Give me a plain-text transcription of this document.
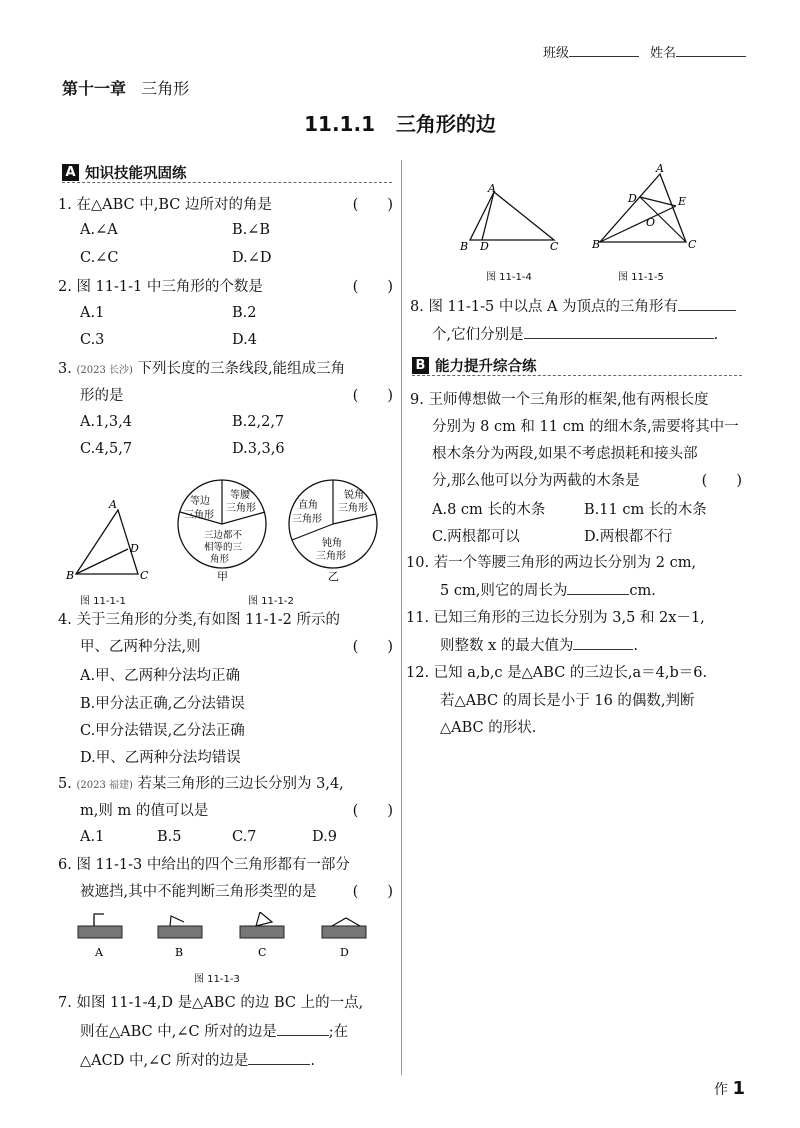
班级	姓名
第十一章 三角形
11.1.1 三角形的边
A 知识技能巩固练
1. 在△ABC 中,BC 边所对的角是	(　　)
A.∠A	B.∠B
C.∠C	D.∠D
2. 图 11-1-1 中三角形的个数是	(　　)
A.1	B.2
C.3	D.4
3. (2023 长沙) 下列长度的三条线段,能组成三角
形的是	(　　)
A.1,3,4	B.2,2,7
C.4,5,7	D.3,3,6
A
B	C
D
图 11-1-1
等边三角形
等腰三角形
三边都不相等的三角形
甲
直角三角形
锐角三角形
钝角三角形
乙
图 11-1-2
4. 关于三角形的分类,有如图 11-1-2 所示的
甲、乙两种分法,则	(　　)
A.甲、乙两种分法均正确
B.甲分法正确,乙分法错误
C.甲分法错误,乙分法正确
D.甲、乙两种分法均错误
5. (2023 福建) 若某三角形的三边长分别为 3,4,
m,则 m 的值可以是	(　　)
A.1	B.5	C.7	D.9
6. 图 11-1-3 中给出的四个三角形都有一部分
被遮挡,其中不能判断三角形类型的是 (　　)
A	B	C	D
图 11-1-3
7. 如图 11-1-4,D 是△ABC 的边 BC 上的一点,
则在△ABC 中,∠C 所对的边是	;在
△ACD 中,∠C 所对的边是	.
A
B D	C
图 11-1-4
A
D	E
O
B	C
图 11-1-5
8. 图 11-1-5 中以点 A 为顶点的三角形有
个,它们分别是	.
B 能力提升综合练
9. 王师傅想做一个三角形的框架,他有两根长度
分别为 8 cm 和 11 cm 的细木条,需要将其中一
根木条分为两段,如果不考虑损耗和接头部
分,那么他可以分为两截的木条是	(　　)
A.8 cm 长的木条	B.11 cm 长的木条
C.两根都可以	D.两根都不行
10. 若一个等腰三角形的两边长分别为 2 cm,
5 cm,则它的周长为	cm.
11. 已知三角形的三边长分别为 3,5 和 2x－1,
则整数 x 的最大值为	.
12. 已知 a,b,c 是△ABC 的三边长,a＝4,b＝6.
若△ABC 的周长是小于 16 的偶数,判断
△ABC 的形状.
作 1
